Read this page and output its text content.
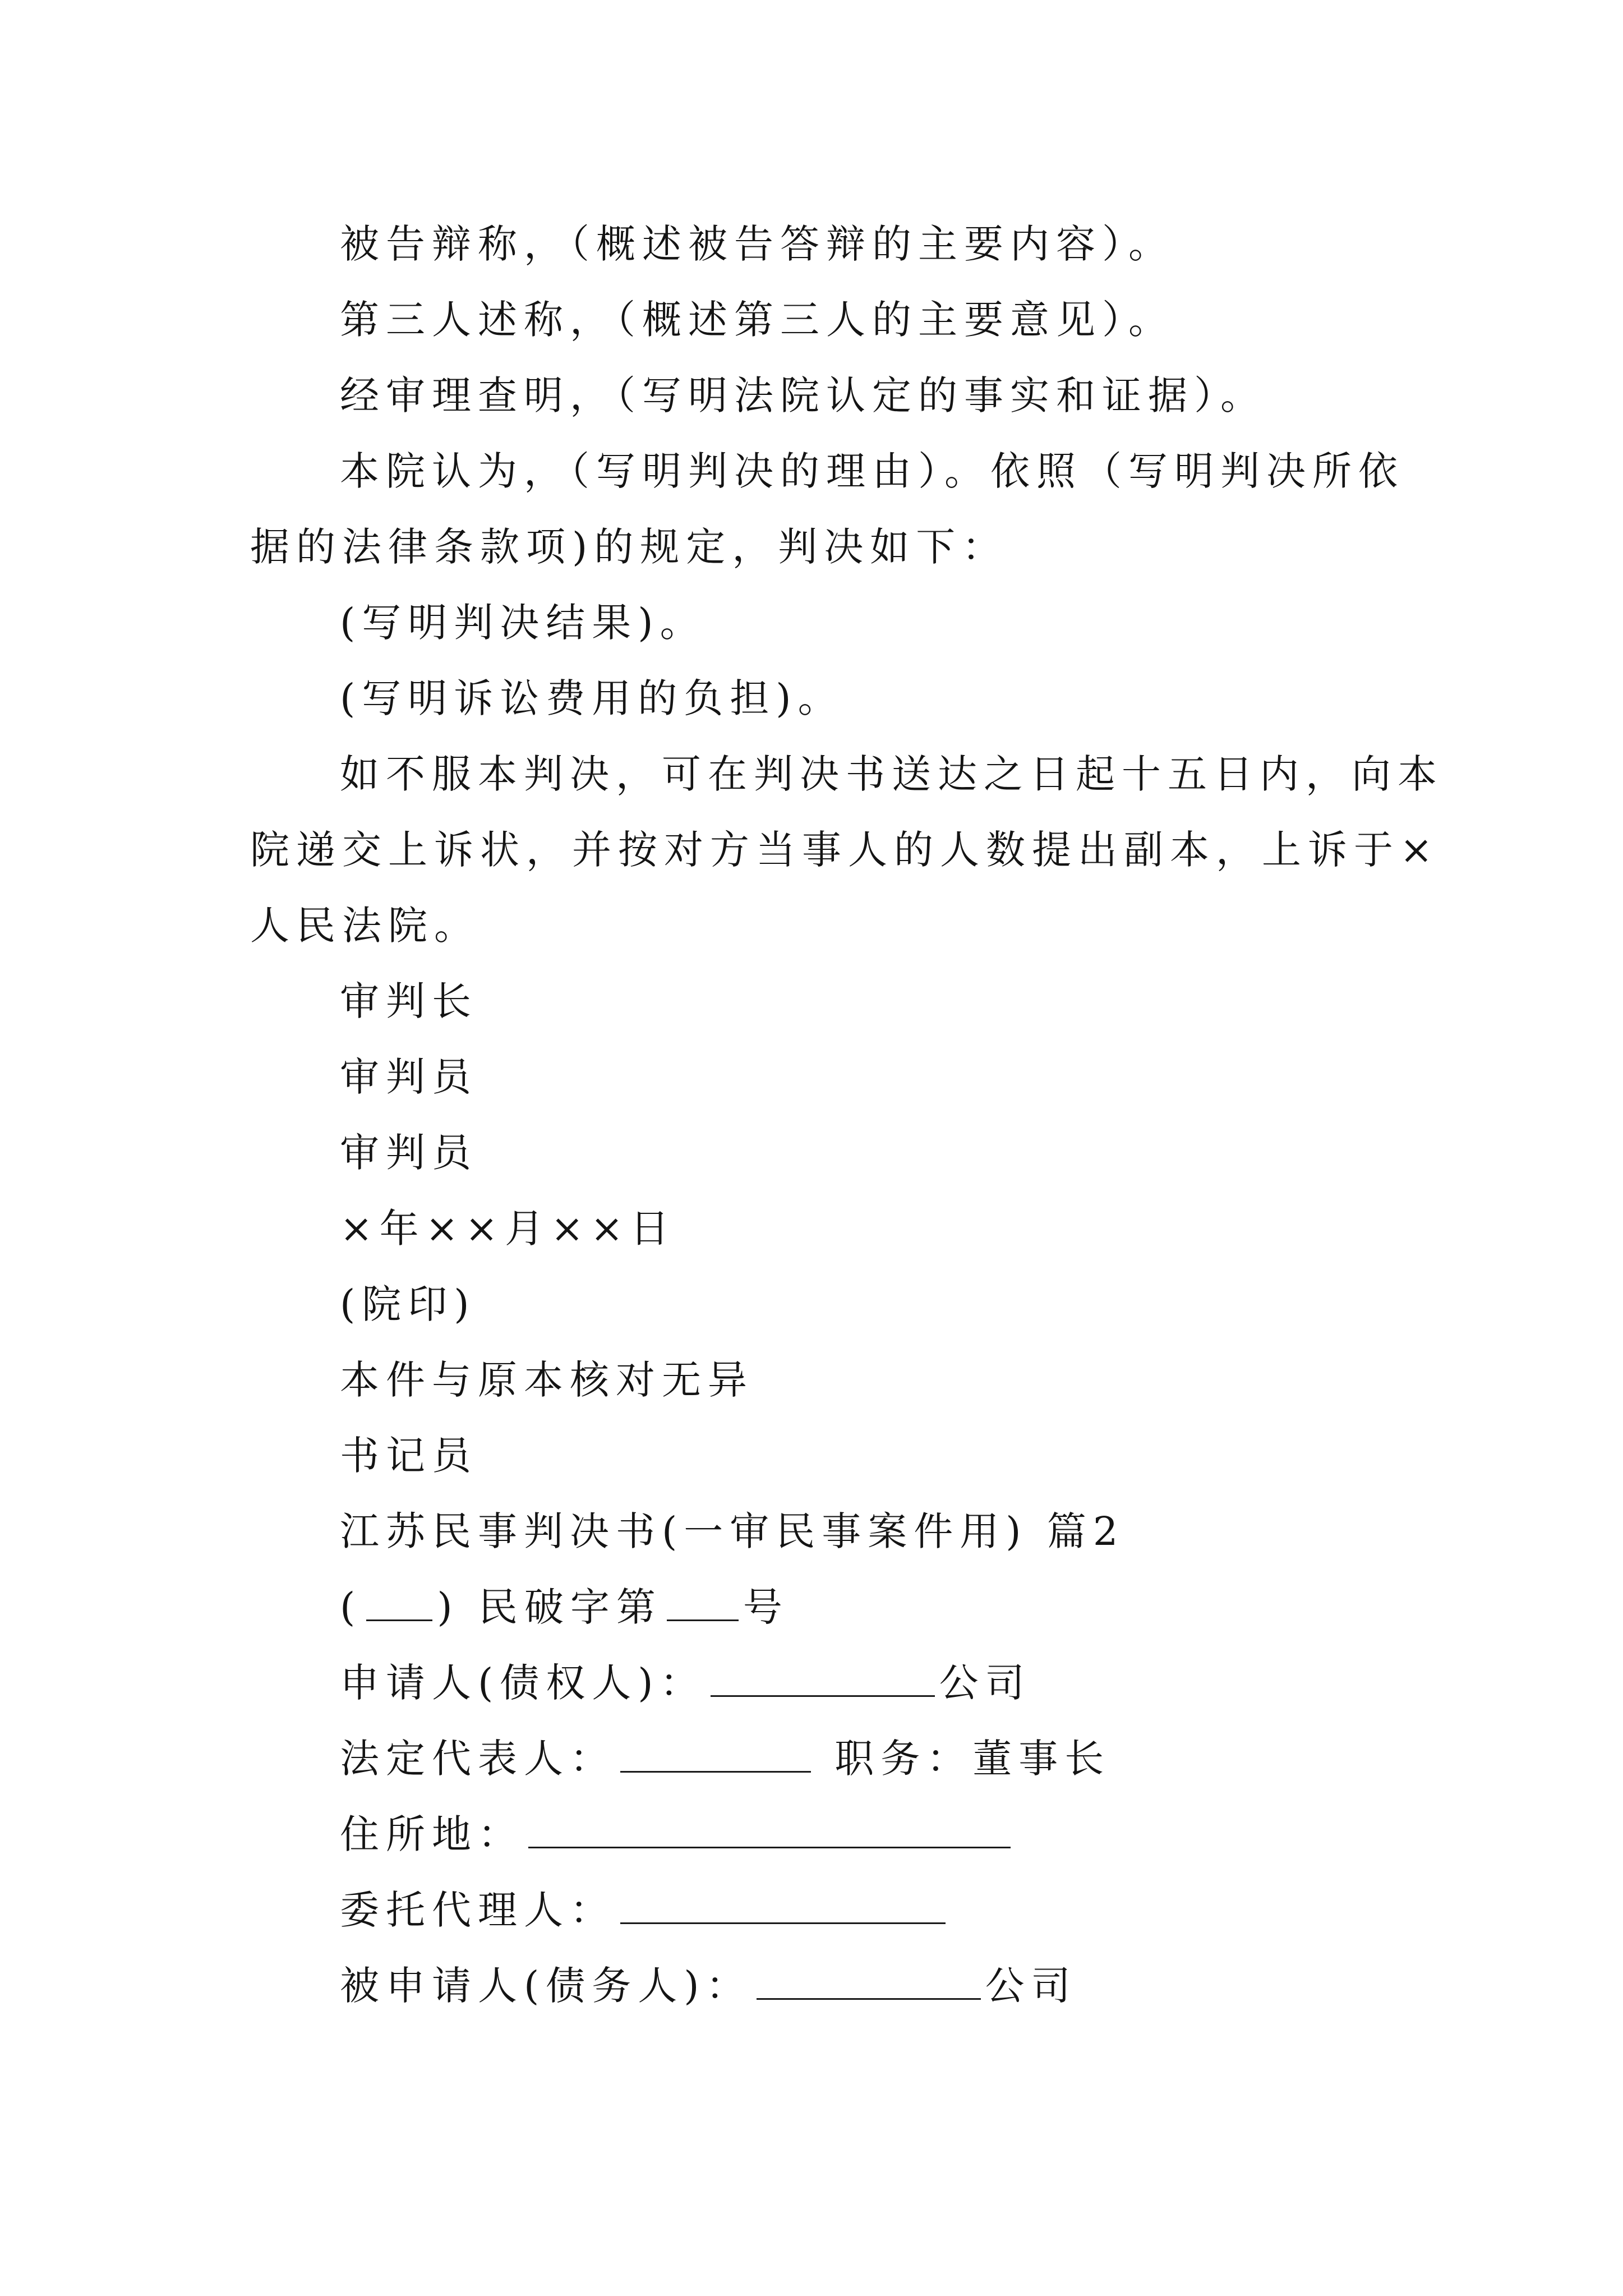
被告辩称，（概述被告答辩的主要内容）。
第三人述称，（概述第三人的主要意见）。
经审理查明，（写明法院认定的事实和证据）。
本院认为，（写明判决的理由）。依照（写明判决所依
据的法律条款项)的规定，判决如下：
(写明判决结果)。
(写明诉讼费用的负担)。
如不服本判决，可在判决书送达之日起十五日内，向本
院递交上诉状，并按对方当事人的人数提出副本，上诉于×
人民法院。
审判长
审判员
审判员
×年××月××日
(院印)
本件与原本核对无异
书记员
江苏民事判决书(一审民事案件用) 篇2
( ) 民破字第 号
申请人(债权人)：	公司
法定代表人：	职务：董事长
住所地：
委托代理人：
被申请人(债务人)：	公司
